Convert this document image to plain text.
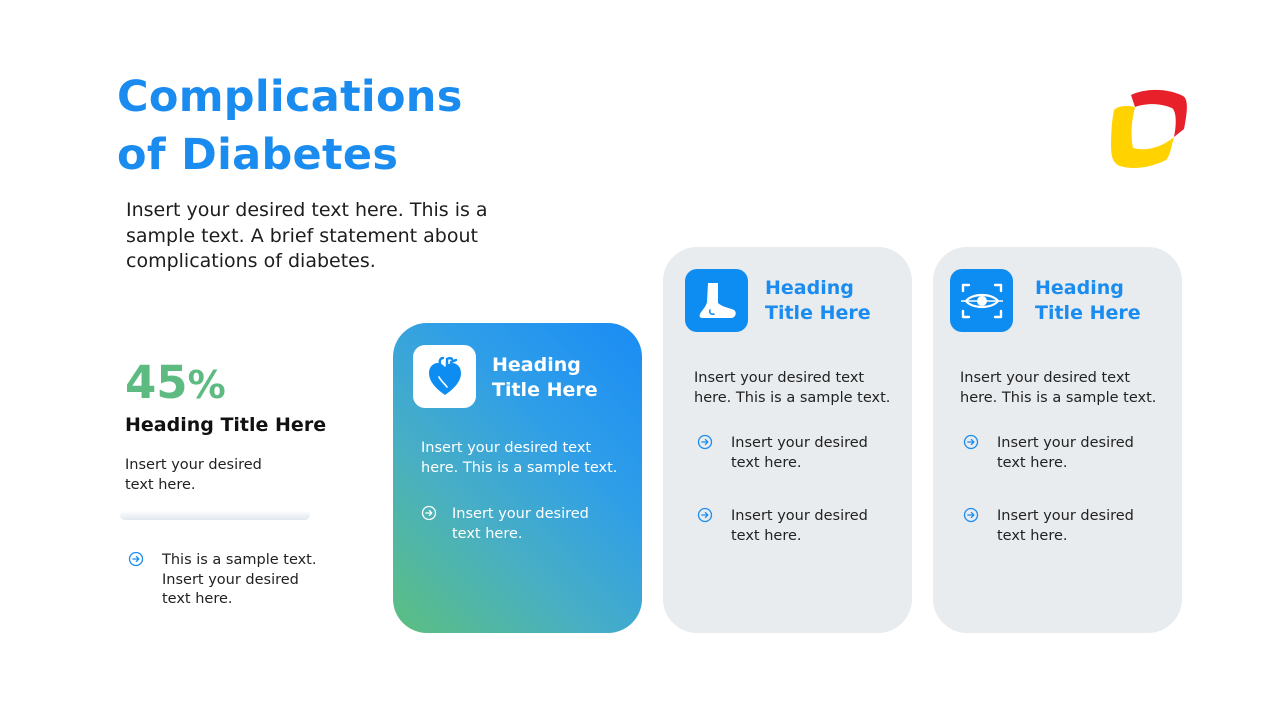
Complications
of Diabetes

Insert your desired text here. This is a
sample text. A brief statement about
complications of diabetes.

45%
Heading Title Here
Insert your desired
text here.
This is a sample text.
Insert your desired
text here.
Heading
Title Here
Insert your desired text
here. This is a sample text.
Insert your desired
text here.
Heading
Title Here
Insert your desired text
here. This is a sample text.
Insert your desired
text here.
Insert your desired
text here.
Heading
Title Here
Insert your desired text
here. This is a sample text.
Insert your desired
text here.
Insert your desired
text here.
